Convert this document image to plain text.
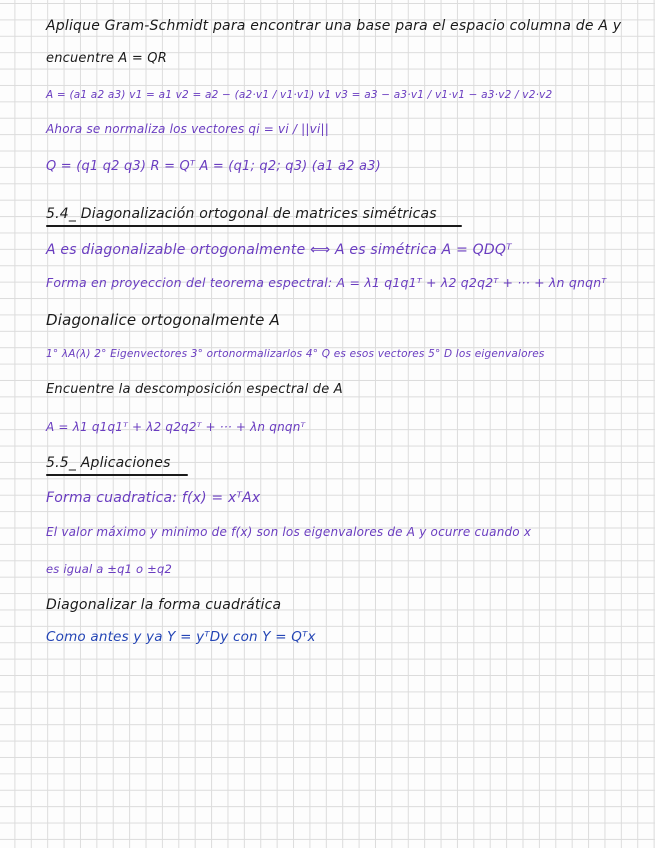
Aplique Gram-Schmidt para encontrar una base para el espacio columna de A y
encuentre A = QR
A = (a1 a2 a3) v1 = a1 v2 = a2 − (a2·v1 / v1·v1) v1 v3 = a3 − a3·v1 / v1·v1 − a3·v2 / v2·v2
Ahora se normaliza los vectores qi = vi / ||vi||
Q = (q1 q2 q3) R = Qᵀ A = (q1; q2; q3) (a1 a2 a3)
5.4_ Diagonalización ortogonal de matrices simétricas
A es diagonalizable ortogonalmente ⟺ A es simétrica A = QDQᵀ
Forma en proyeccion del teorema espectral: A = λ1 q1q1ᵀ + λ2 q2q2ᵀ + ··· + λn qnqnᵀ
Diagonalice ortogonalmente A
1° λA(λ) 2° Eigenvectores 3° ortonormalizarlos 4° Q es esos vectores 5° D los eigenvalores
Encuentre la descomposición espectral de A
A = λ1 q1q1ᵀ + λ2 q2q2ᵀ + ··· + λn qnqnᵀ
5.5_ Aplicaciones
Forma cuadratica: f(x) = xᵀAx
El valor máximo y minimo de f(x) son los eigenvalores de A y ocurre cuando x
es igual a ±q1 o ±q2
Diagonalizar la forma cuadrática
Como antes y ya Y = yᵀDy con Y = Qᵀx
